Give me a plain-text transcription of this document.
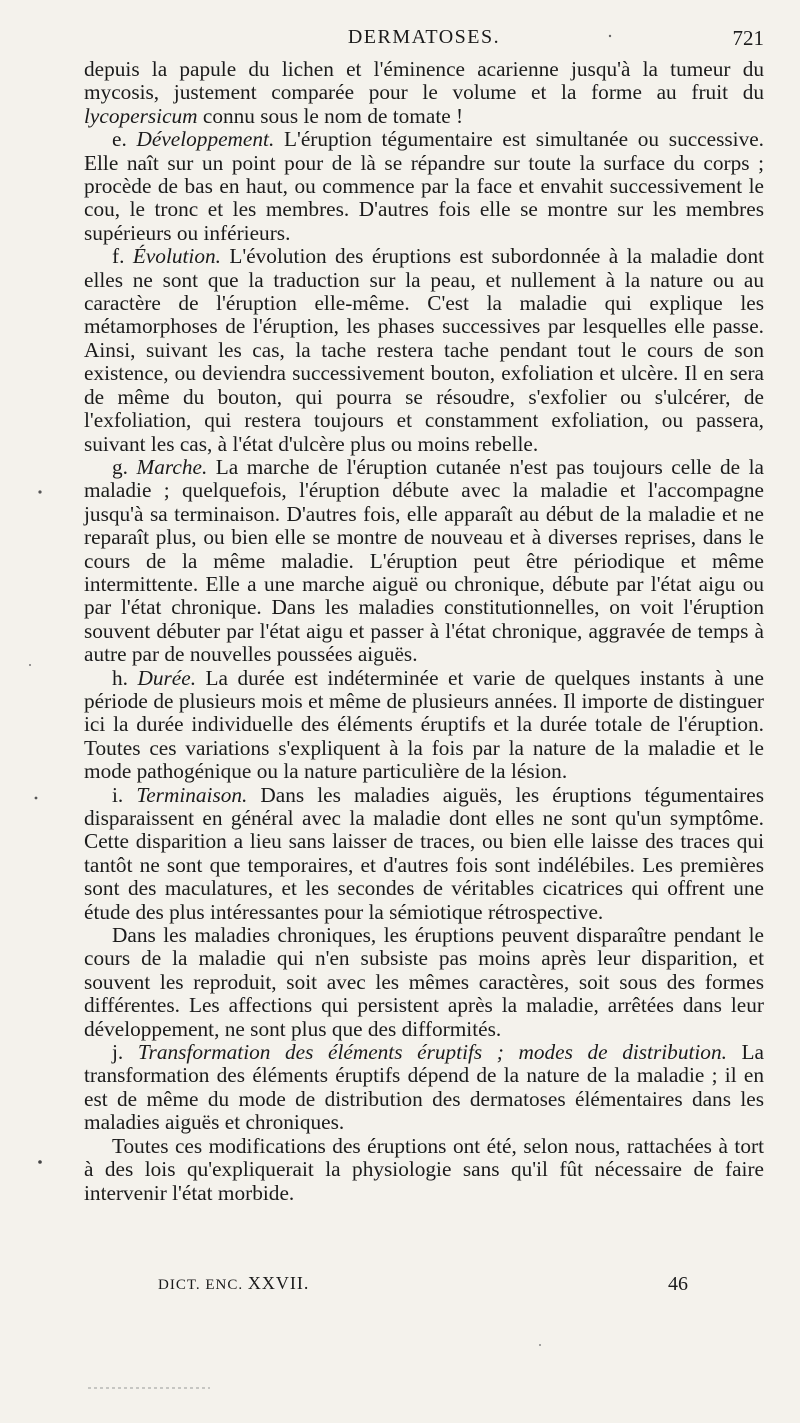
DERMATOSES.	721

depuis la papule du lichen et l'éminence acarienne jusqu'à la tumeur du mycosis, justement comparée pour le volume et la forme au fruit du lycopersicum connu sous le nom de tomate !

e. Développement. L'éruption tégumentaire est simultanée ou successive. Elle naît sur un point pour de là se répandre sur toute la surface du corps ; procède de bas en haut, ou commence par la face et envahit successivement le cou, le tronc et les membres. D'autres fois elle se montre sur les membres supérieurs ou inférieurs.

f. Évolution. L'évolution des éruptions est subordonnée à la maladie dont elles ne sont que la traduction sur la peau, et nullement à la nature ou au caractère de l'éruption elle-même. C'est la maladie qui explique les métamorphoses de l'éruption, les phases successives par lesquelles elle passe. Ainsi, suivant les cas, la tache restera tache pendant tout le cours de son existence, ou deviendra successivement bouton, exfoliation et ulcère. Il en sera de même du bouton, qui pourra se résoudre, s'exfolier ou s'ulcérer, de l'exfoliation, qui restera toujours et constamment exfoliation, ou passera, suivant les cas, à l'état d'ulcère plus ou moins rebelle.

g. Marche. La marche de l'éruption cutanée n'est pas toujours celle de la maladie ; quelquefois, l'éruption débute avec la maladie et l'accompagne jusqu'à sa terminaison. D'autres fois, elle apparaît au début de la maladie et ne reparaît plus, ou bien elle se montre de nouveau et à diverses reprises, dans le cours de la même maladie. L'éruption peut être périodique et même intermittente. Elle a une marche aiguë ou chronique, débute par l'état aigu ou par l'état chronique. Dans les maladies constitutionnelles, on voit l'éruption souvent débuter par l'état aigu et passer à l'état chronique, aggravée de temps à autre par de nouvelles poussées aiguës.

h. Durée. La durée est indéterminée et varie de quelques instants à une période de plusieurs mois et même de plusieurs années. Il importe de distinguer ici la durée individuelle des éléments éruptifs et la durée totale de l'éruption. Toutes ces variations s'expliquent à la fois par la nature de la maladie et le mode pathogénique ou la nature particulière de la lésion.

i. Terminaison. Dans les maladies aiguës, les éruptions tégumentaires disparaissent en général avec la maladie dont elles ne sont qu'un symptôme. Cette disparition a lieu sans laisser de traces, ou bien elle laisse des traces qui tantôt ne sont que temporaires, et d'autres fois sont indélébiles. Les premières sont des maculatures, et les secondes de véritables cicatrices qui offrent une étude des plus intéressantes pour la sémiotique rétrospective.

Dans les maladies chroniques, les éruptions peuvent disparaître pendant le cours de la maladie qui n'en subsiste pas moins après leur disparition, et souvent les reproduit, soit avec les mêmes caractères, soit sous des formes différentes. Les affections qui persistent après la maladie, arrêtées dans leur développement, ne sont plus que des difformités.

j. Transformation des éléments éruptifs ; modes de distribution. La transformation des éléments éruptifs dépend de la nature de la maladie ; il en est de même du mode de distribution des dermatoses élémentaires dans les maladies aiguës et chroniques.

Toutes ces modifications des éruptions ont été, selon nous, rattachées à tort à des lois qu'expliquerait la physiologie sans qu'il fût nécessaire de faire intervenir l'état morbide.

DICT. ENC. XXVII.	46
